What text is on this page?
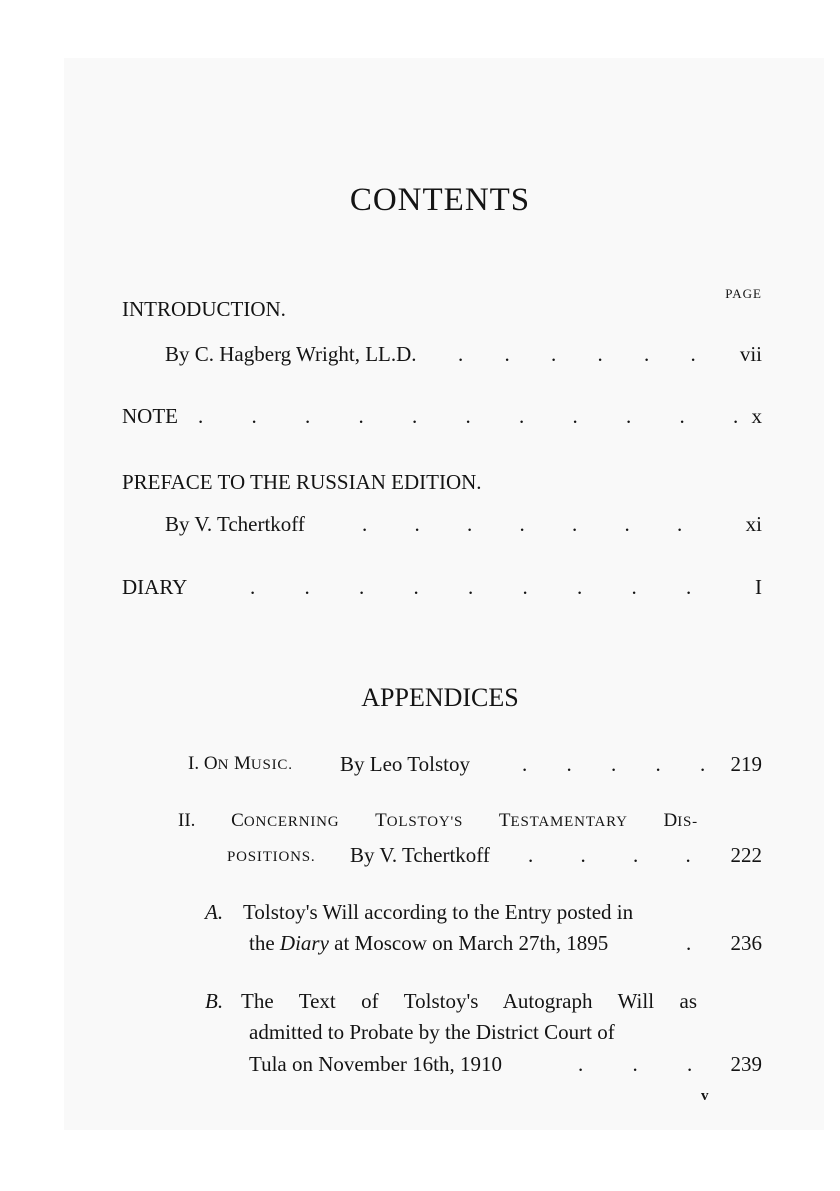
CONTENTS
PAGE
INTRODUCTION.
By C. Hagberg Wright, LL.D. . . . . . . vii
NOTE . . . . . . . . . . . x
PREFACE TO THE RUSSIAN EDITION.
By V. Tchertkoff	. . . . . . .	xi
DIARY	. . . . . . . . .	I
APPENDICES
I. ON MUSIC. By Leo Tolstoy . . . . . 219
II. CONCERNING TOLSTOY'S TESTAMENTARY DIS-
POSITIONS. By V. Tchertkoff . . . . 222
A. Tolstoy's Will according to the Entry posted in
the Diary at Moscow on March 27th, 1895	. 236
B. The Text of Tolstoy's Autograph Will as
admitted to Probate by the District Court of
Tula on November 16th, 1910	. . . 239
v
